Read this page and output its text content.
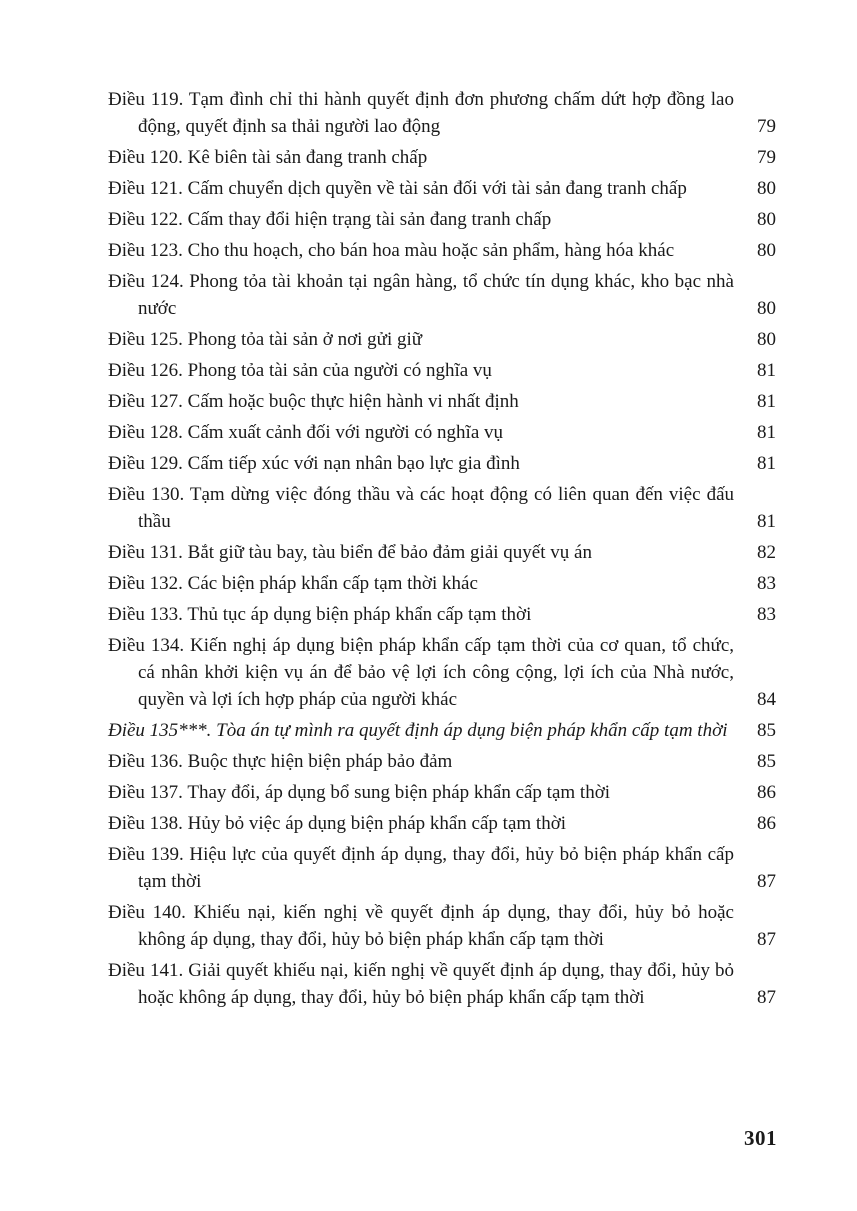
Điều 119. Tạm đình chỉ thi hành quyết định đơn phương chấm dứt hợp đồng lao động, quyết định sa thải người lao động	79
Điều 120. Kê biên tài sản đang tranh chấp	79
Điều 121. Cấm chuyển dịch quyền về tài sản đối với tài sản đang tranh chấp	80
Điều 122. Cấm thay đổi hiện trạng tài sản đang tranh chấp	80
Điều 123. Cho thu hoạch, cho bán hoa màu hoặc sản phẩm, hàng hóa khác	80
Điều 124. Phong tỏa tài khoản tại ngân hàng, tổ chức tín dụng khác, kho bạc nhà nước	80
Điều 125. Phong tỏa tài sản ở nơi gửi giữ	80
Điều 126. Phong tỏa tài sản của người có nghĩa vụ	81
Điều 127. Cấm hoặc buộc thực hiện hành vi nhất định	81
Điều 128. Cấm xuất cảnh đối với người có nghĩa vụ	81
Điều 129. Cấm tiếp xúc với nạn nhân bạo lực gia đình	81
Điều 130. Tạm dừng việc đóng thầu và các hoạt động có liên quan đến việc đấu thầu	81
Điều 131. Bắt giữ tàu bay, tàu biển để bảo đảm giải quyết vụ án	82
Điều 132. Các biện pháp khẩn cấp tạm thời khác	83
Điều 133. Thủ tục áp dụng biện pháp khẩn cấp tạm thời	83
Điều 134. Kiến nghị áp dụng biện pháp khẩn cấp tạm thời của cơ quan, tổ chức, cá nhân khởi kiện vụ án để bảo vệ lợi ích công cộng, lợi ích của Nhà nước, quyền và lợi ích hợp pháp của người khác	84
Điều 135***. Tòa án tự mình ra quyết định áp dụng biện pháp khẩn cấp tạm thời	85
Điều 136. Buộc thực hiện biện pháp bảo đảm	85
Điều 137. Thay đổi, áp dụng bổ sung biện pháp khẩn cấp tạm thời	86
Điều 138. Hủy bỏ việc áp dụng biện pháp khẩn cấp tạm thời	86
Điều 139. Hiệu lực của quyết định áp dụng, thay đổi, hủy bỏ biện pháp khẩn cấp tạm thời	87
Điều 140. Khiếu nại, kiến nghị về quyết định áp dụng, thay đổi, hủy bỏ hoặc không áp dụng, thay đổi, hủy bỏ biện pháp khẩn cấp tạm thời	87
Điều 141. Giải quyết khiếu nại, kiến nghị về quyết định áp dụng, thay đổi, hủy bỏ hoặc không áp dụng, thay đổi, hủy bỏ biện pháp khẩn cấp tạm thời	87
301
